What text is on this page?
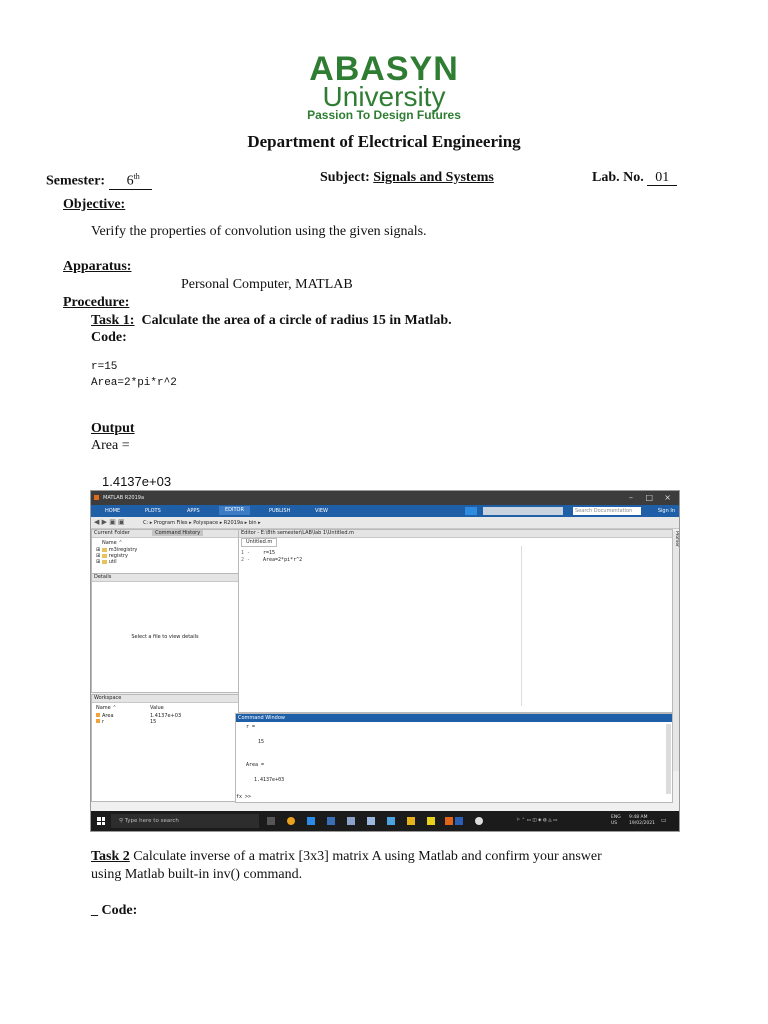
ABASYN
University
Passion To Design Futures
Department of Electrical Engineering
Semester: 6th	Subject: Signals and Systems	Lab. No. 01
Objective:
Verify the properties of convolution using the given signals.
Apparatus:
Personal Computer, MATLAB
Procedure:
Task 1: Calculate the area of a circle of radius 15 in Matlab.
Code:
r=15
Area=2*pi*r^2
Output
Area =
1.4137e+03
MATLAB R2019a	– □ ×
HOME	PLOTS	APPS	EDITOR	PUBLISH	VIEW	Search Documentation	Sign In
◀ ▶ ▣ ▣	C: ▸ Program Files ▸ Polyspace ▸ R2019a ▸ bin ▸
Current Folder	Command History
Name ⌃
⊞ m3iregistry
⊞ registry
⊞ util
Details
Select a file to view details
Workspace
Name ⌃	Value
Area	1.4137e+03
r	15
Editor - E:\8th semester\LAB\lab 1\Untitled.m
Untitled.m
1 -	r=15
2 -	Area=2*pi*r^2
Profiler
Command Window
r =
15
Area =
1.4137e+03
fx >>
⚲ Type here to search	⚐ ⌃ ▭ ◫ ◈ ◍ ◬ ▭
ENG
US
9:48 AM
19/02/2021 ▭
Task 2 Calculate inverse of a matrix [3x3] matrix A using Matlab and confirm your answer
using Matlab built-in inv() command.
_ Code:
